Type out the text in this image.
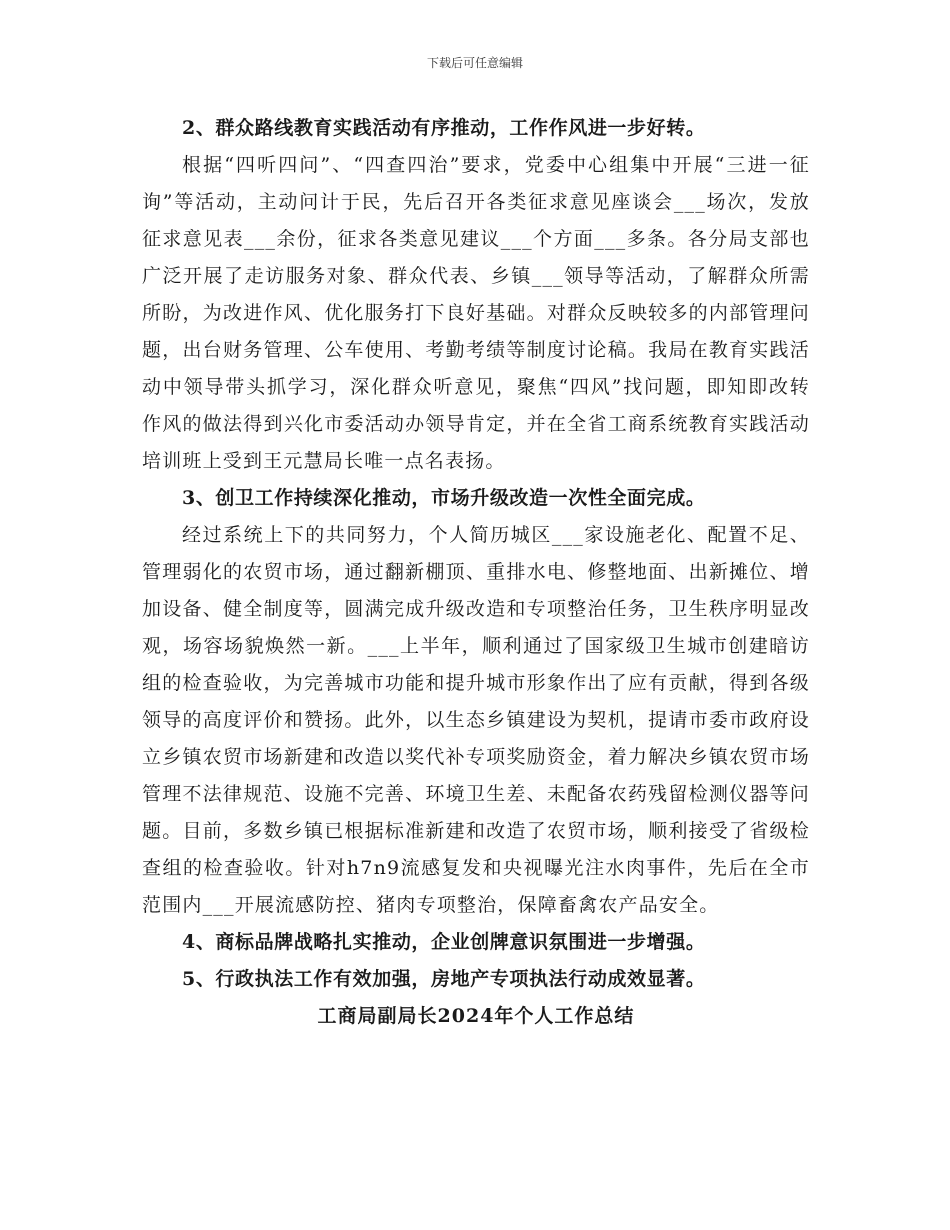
下载后可任意编辑

2、群众路线教育实践活动有序推动，工作作风进一步好转。

根据“四听四问”、“四查四治”要求，党委中心组集中开展“三进一征询”等活动，主动问计于民，先后召开各类征求意见座谈会___场次，发放征求意见表___余份，征求各类意见建议___个方面___多条。各分局支部也广泛开展了走访服务对象、群众代表、乡镇___领导等活动，了解群众所需所盼，为改进作风、优化服务打下良好基础。对群众反映较多的内部管理问题，出台财务管理、公车使用、考勤考绩等制度讨论稿。我局在教育实践活动中领导带头抓学习，深化群众听意见，聚焦“四风”找问题，即知即改转作风的做法得到兴化市委活动办领导肯定，并在全省工商系统教育实践活动培训班上受到王元慧局长唯一点名表扬。

3、创卫工作持续深化推动，市场升级改造一次性全面完成。

经过系统上下的共同努力，个人简历城区___家设施老化、配置不足、管理弱化的农贸市场，通过翻新棚顶、重排水电、修整地面、出新摊位、增加设备、健全制度等，圆满完成升级改造和专项整治任务，卫生秩序明显改观，场容场貌焕然一新。___上半年，顺利通过了国家级卫生城市创建暗访组的检查验收，为完善城市功能和提升城市形象作出了应有贡献，得到各级领导的高度评价和赞扬。此外，以生态乡镇建设为契机，提请市委市政府设立乡镇农贸市场新建和改造以奖代补专项奖励资金，着力解决乡镇农贸市场管理不法律规范、设施不完善、环境卫生差、未配备农药残留检测仪器等问题。目前，多数乡镇已根据标准新建和改造了农贸市场，顺利接受了省级检查组的检查验收。针对h7n9流感复发和央视曝光注水肉事件，先后在全市范围内___开展流感防控、猪肉专项整治，保障畜禽农产品安全。

4、商标品牌战略扎实推动，企业创牌意识氛围进一步增强。

5、行政执法工作有效加强，房地产专项执法行动成效显著。

工商局副局长2024年个人工作总结
